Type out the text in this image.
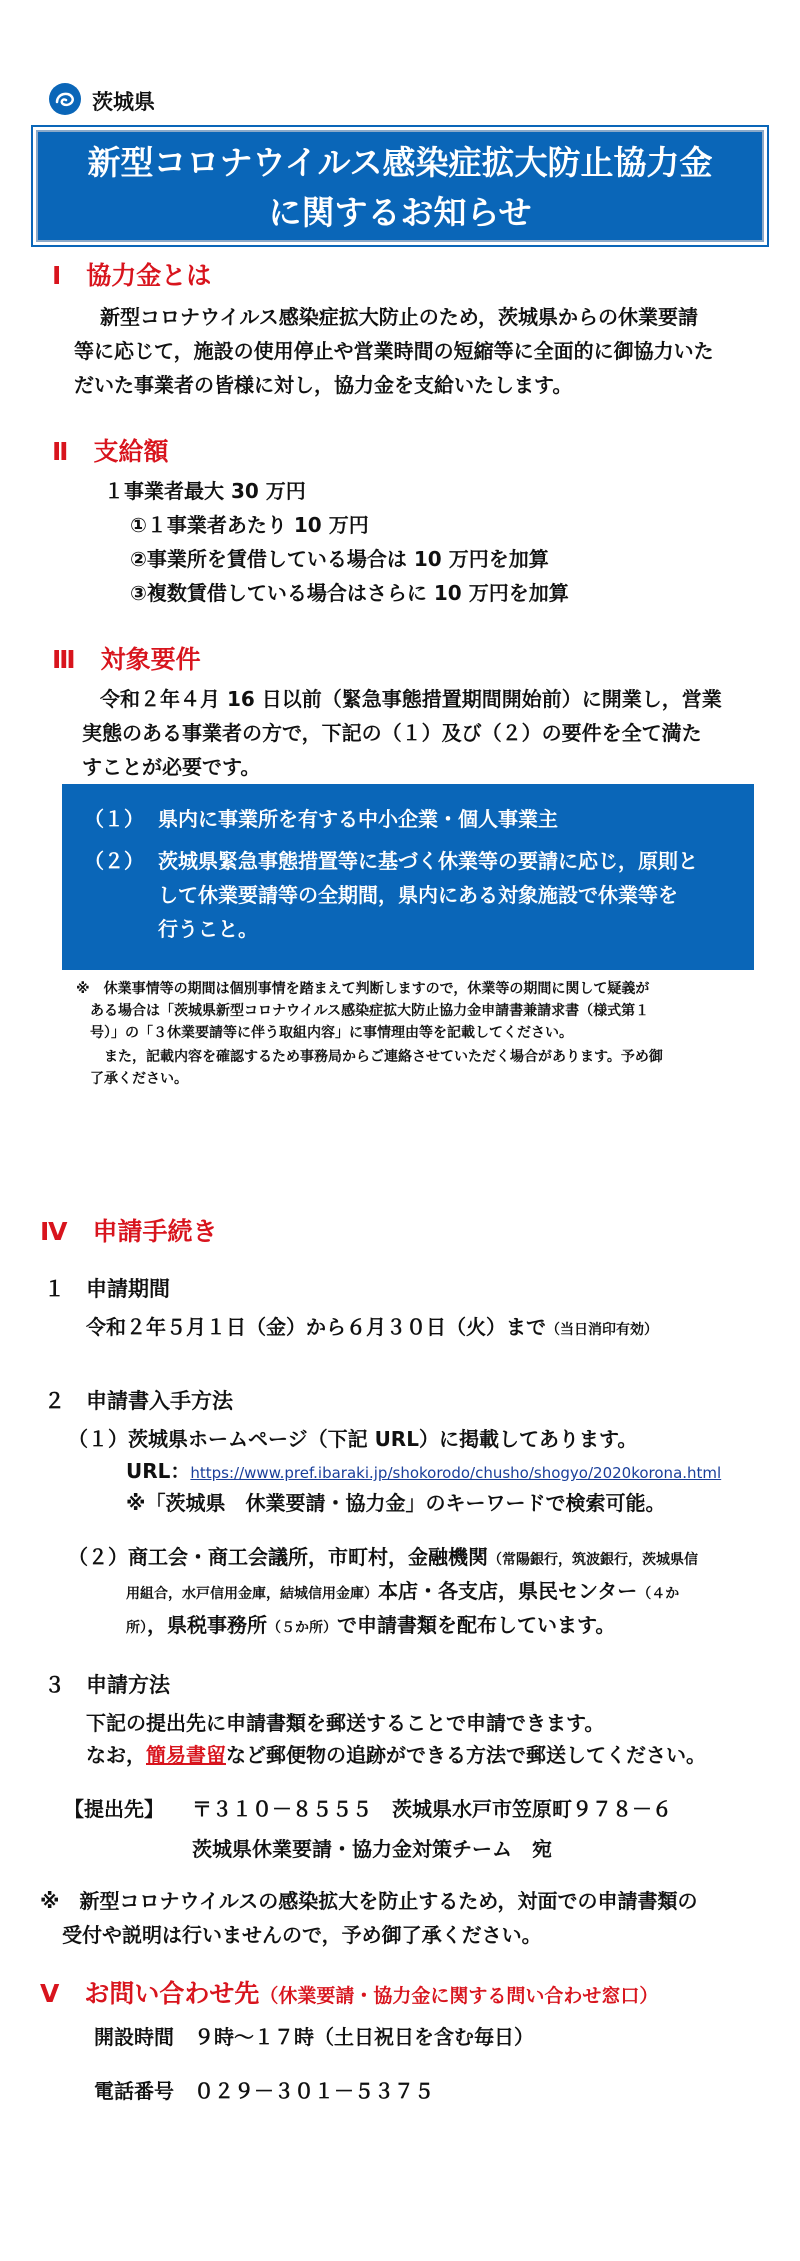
茨城県
新型コロナウイルス感染症拡大防止協力金
に関するお知らせ
Ⅰ　協力金とは
新型コロナウイルス感染症拡大防止のため，茨城県からの休業要請
等に応じて，施設の使用停止や営業時間の短縮等に全面的に御協力いた
だいた事業者の皆様に対し，協力金を支給いたします。
Ⅱ　支給額
１事業者最大 30 万円
①１事業者あたり 10 万円
②事業所を賃借している場合は 10 万円を加算
③複数賃借している場合はさらに 10 万円を加算
Ⅲ　対象要件
令和２年４月 16 日以前（緊急事態措置期間開始前）に開業し，営業
実態のある事業者の方で，下記の（１）及び（２）の要件を全て満た
すことが必要です。
（１） 県内に事業所を有する中小企業・個人事業主
（２） 茨城県緊急事態措置等に基づく休業等の要請に応じ，原則と
して休業要請等の全期間，県内にある対象施設で休業等を
行うこと。
※　休業事情等の期間は個別事情を踏まえて判断しますので，休業等の期間に関して疑義が
ある場合は「茨城県新型コロナウイルス感染症拡大防止協力金申請書兼請求書（様式第１
号）」の「３休業要請等に伴う取組内容」に事情理由等を記載してください。
また，記載内容を確認するため事務局からご連絡させていただく場合があります。予め御
了承ください。
Ⅳ　申請手続き
１　申請期間
令和２年５月１日（金）から６月３０日（火）まで（当日消印有効）
２　申請書入手方法
（１）茨城県ホームページ（下記 URL）に掲載してあります。
URL：https://www.pref.ibaraki.jp/shokorodo/chusho/shogyo/2020korona.html
※「茨城県　休業要請・協力金」のキーワードで検索可能。
（２）商工会・商工会議所，市町村，金融機関（常陽銀行，筑波銀行，茨城県信
用組合，水戸信用金庫，結城信用金庫）本店・各支店，県民センター（４か
所），県税事務所（５か所）で申請書類を配布しています。
３　申請方法
下記の提出先に申請書類を郵送することで申請できます。
なお，簡易書留など郵便物の追跡ができる方法で郵送してください。
【提出先】 〒３１０－８５５５　茨城県水戸市笠原町９７８－６
茨城県休業要請・協力金対策チーム　宛
※　新型コロナウイルスの感染拡大を防止するため，対面での申請書類の
受付や説明は行いませんので，予め御了承ください。
Ⅴ　お問い合わせ先（休業要請・協力金に関する問い合わせ窓口）
開設時間　９時～１７時（土日祝日を含む毎日）
電話番号　０２９－３０１－５３７５
